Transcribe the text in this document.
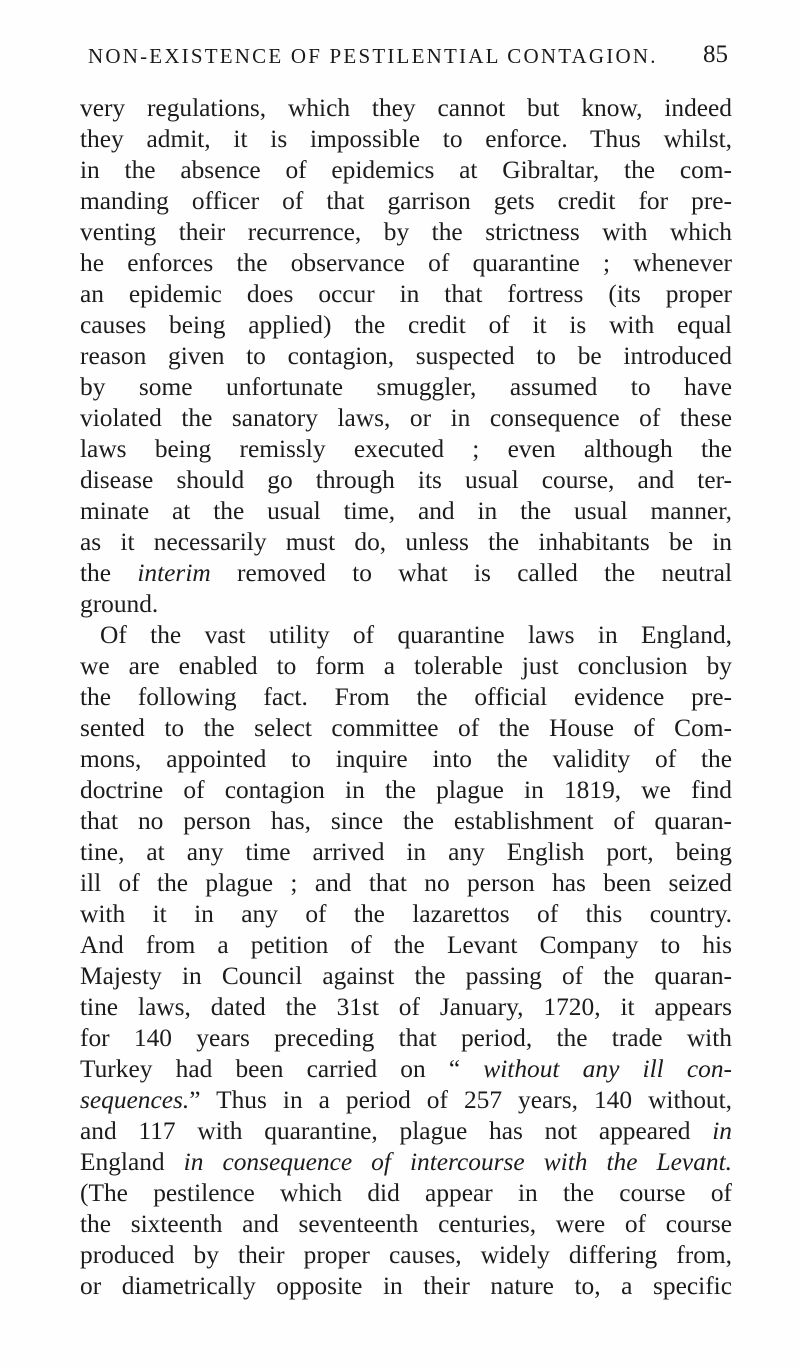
NON-EXISTENCE OF PESTILENTIAL CONTAGION. 85
very regulations, which they cannot but know, indeed
they admit, it is impossible to enforce. Thus whilst,
in the absence of epidemics at Gibraltar, the com-
manding officer of that garrison gets credit for pre-
venting their recurrence, by the strictness with which
he enforces the observance of quarantine ; whenever
an epidemic does occur in that fortress (its proper
causes being applied) the credit of it is with equal
reason given to contagion, suspected to be introduced
by some unfortunate smuggler, assumed to have
violated the sanatory laws, or in consequence of these
laws being remissly executed ; even although the
disease should go through its usual course, and ter-
minate at the usual time, and in the usual manner,
as it necessarily must do, unless the inhabitants be in
the interim removed to what is called the neutral
ground.
Of the vast utility of quarantine laws in England,
we are enabled to form a tolerable just conclusion by
the following fact. From the official evidence pre-
sented to the select committee of the House of Com-
mons, appointed to inquire into the validity of the
doctrine of contagion in the plague in 1819, we find
that no person has, since the establishment of quaran-
tine, at any time arrived in any English port, being
ill of the plague ; and that no person has been seized
with it in any of the lazarettos of this country.
And from a petition of the Levant Company to his
Majesty in Council against the passing of the quaran-
tine laws, dated the 31st of January, 1720, it appears
for 140 years preceding that period, the trade with
Turkey had been carried on “ without any ill con-
sequences.” Thus in a period of 257 years, 140 without,
and 117 with quarantine, plague has not appeared in
England in consequence of intercourse with the Levant.
(The pestilence which did appear in the course of
the sixteenth and seventeenth centuries, were of course
produced by their proper causes, widely differing from,
or diametrically opposite in their nature to, a specific
